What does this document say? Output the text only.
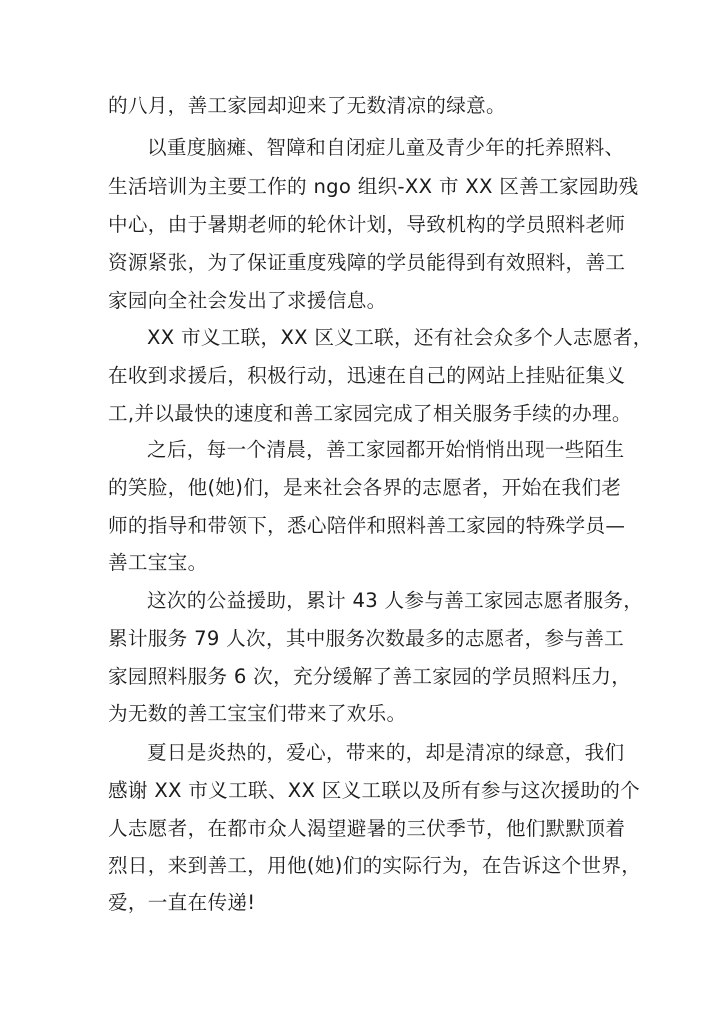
的八月，善工家园却迎来了无数清凉的绿意。
以重度脑瘫、智障和自闭症儿童及青少年的托养照料、
生活培训为主要工作的 ngo 组织-XX 市 XX 区善工家园助残
中心，由于暑期老师的轮休计划，导致机构的学员照料老师
资源紧张，为了保证重度残障的学员能得到有效照料，善工
家园向全社会发出了求援信息。
XX 市义工联，XX 区义工联，还有社会众多个人志愿者，
在收到求援后，积极行动，迅速在自己的网站上挂贴征集义
工,并以最快的速度和善工家园完成了相关服务手续的办理。
之后，每一个清晨，善工家园都开始悄悄出现一些陌生
的笑脸，他(她)们，是来社会各界的志愿者，开始在我们老
师的指导和带领下，悉心陪伴和照料善工家园的特殊学员—
善工宝宝。
这次的公益援助，累计 43 人参与善工家园志愿者服务，
累计服务 79 人次，其中服务次数最多的志愿者，参与善工
家园照料服务 6 次，充分缓解了善工家园的学员照料压力，
为无数的善工宝宝们带来了欢乐。
夏日是炎热的，爱心，带来的，却是清凉的绿意，我们
感谢 XX 市义工联、XX 区义工联以及所有参与这次援助的个
人志愿者，在都市众人渴望避暑的三伏季节，他们默默顶着
烈日，来到善工，用他(她)们的实际行为，在告诉这个世界，
爱，一直在传递!
